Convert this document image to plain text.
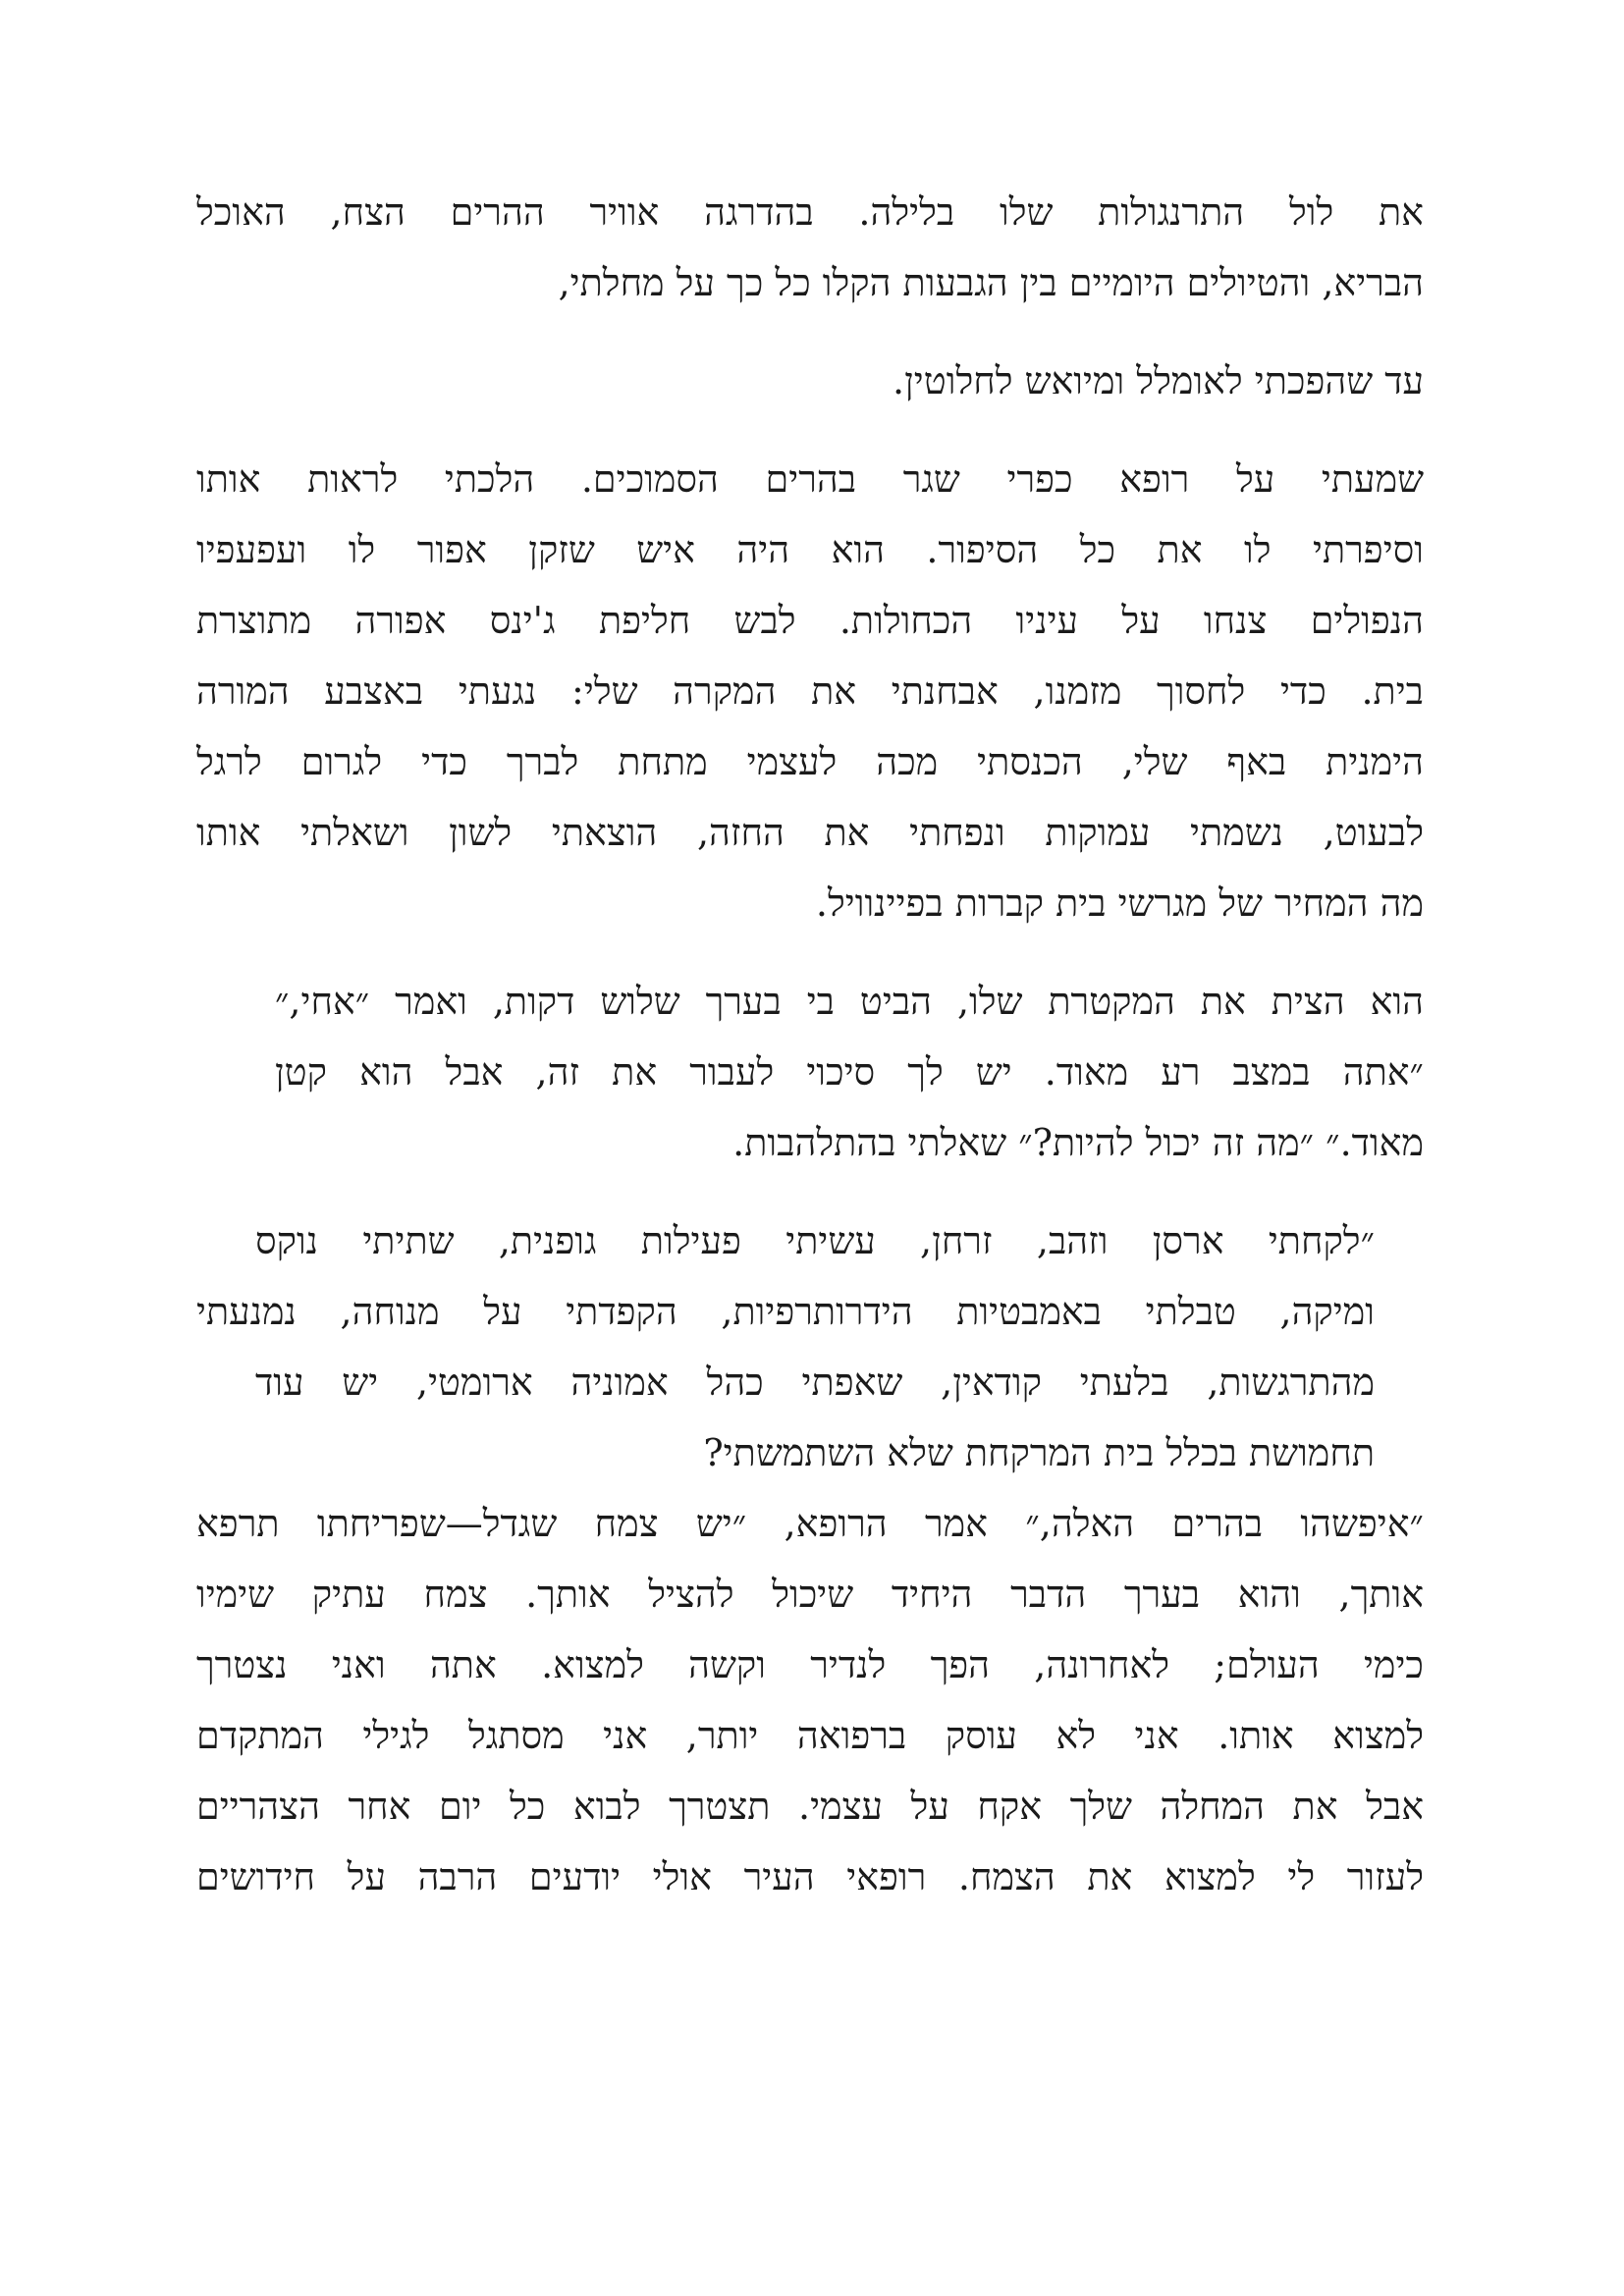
את לול התרנגולות שלו בלילה. בהדרגה אוויר ההרים הצח, האוכל
הבריא, והטיולים היומיים בין הגבעות הקלו כל כך על מחלתי,
עד שהפכתי לאומלל ומיואש לחלוטין.
שמעתי על רופא כפרי שגר בהרים הסמוכים. הלכתי לראות אותו
וסיפרתי לו את כל הסיפור. הוא היה איש שזקן אפור לו ועפעפיו
הנפולים צנחו על עיניו הכחולות. לבש חליפת ג'ינס אפורה מתוצרת
בית. כדי לחסוך מזמנו, אבחנתי את המקרה שלי: נגעתי באצבע המורה
הימנית באף שלי, הכנסתי מכה לעצמי מתחת לברך כדי לגרום לרגל
לבעוט, נשמתי עמוקות ונפחתי את החזה, הוצאתי לשון ושאלתי אותו
מה המחיר של מגרשי בית קברות בפיינוויל.
הוא הצית את המקטרת שלו, הביט בי בערך שלוש דקות, ואמר ״אחי,״
״אתה במצב רע מאוד. יש לך סיכוי לעבור את זה, אבל הוא קטן
מאוד.״ ״מה זה יכול להיות?״ שאלתי בהתלהבות.
״לקחתי ארסן וזהב, זרחן, עשיתי פעילות גופנית, שתיתי נוקס
ומיקה, טבלתי באמבטיות הידרותרפיות, הקפדתי על מנוחה, נמנעתי
מהתרגשות, בלעתי קודאין, שאפתי כהל אמוניה ארומטי, יש עוד
תחמושת בכלל בית המרקחת שלא השתמשתי?
״איפשהו בהרים האלה,״ אמר הרופא, ״יש צמח שגדל—שפריחתו תרפא
אותך, והוא בערך הדבר היחיד שיכול להציל אותך. צמח עתיק שימיו
כימי העולם; לאחרונה, הפך לנדיר וקשה למצוא. אתה ואני נצטרך
למצוא אותו. אני לא עוסק ברפואה יותר, אני מסתגל לגילי המתקדם
אבל את המחלה שלך אקח על עצמי. תצטרך לבוא כל יום אחר הצהריים
לעזור לי למצוא את הצמח. רופאי העיר אולי יודעים הרבה על חידושים
